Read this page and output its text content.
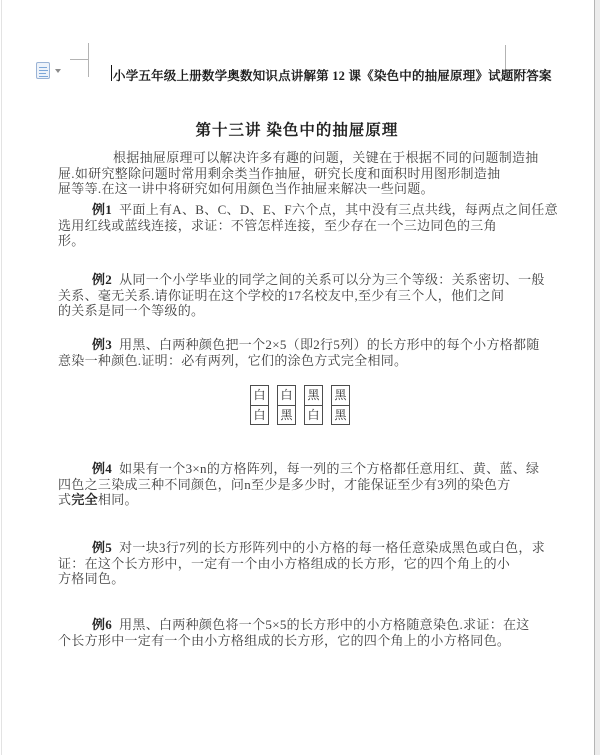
小学五年级上册数学奥数知识点讲解第 12 课《染色中的抽屉原理》试题附答案
第十三讲 染色中的抽屉原理
根据抽屉原理可以解决许多有趣的问题，关键在于根据不同的问题制造抽
屉.如研究整除问题时常用剩余类当作抽屉，研究长度和面积时用图形制造抽
屉等等.在这一讲中将研究如何用颜色当作抽屉来解决一些问题。
例1 平面上有A、B、C、D、E、F六个点，其中没有三点共线，每两点之间任意
选用红线或蓝线连接，求证：不管怎样连接，至少存在一个三边同色的三角
形。
例2 从同一个小学毕业的同学之间的关系可以分为三个等级：关系密切、一般
关系、毫无关系.请你证明在这个学校的17名校友中,至少有三个人，他们之间
的关系是同一个等级的。
例3 用黑、白两种颜色把一个2×5（即2行5列）的长方形中的每个小方格都随
意染一种颜色.证明：必有两列，它们的涂色方式完全相同。
白
白
白
黑
黑
白
黑
黑
例4 如果有一个3×n的方格阵列，每一列的三个方格都任意用红、黄、蓝、绿
四色之三染成三种不同颜色，问n至少是多少时，才能保证至少有3列的染色方
式完全相同。
例5 对一块3行7列的长方形阵列中的小方格的每一格任意染成黑色或白色，求
证：在这个长方形中，一定有一个由小方格组成的长方形，它的四个角上的小
方格同色。
例6 用黑、白两种颜色将一个5×5的长方形中的小方格随意染色.求证：在这
个长方形中一定有一个由小方格组成的长方形，它的四个角上的小方格同色。
